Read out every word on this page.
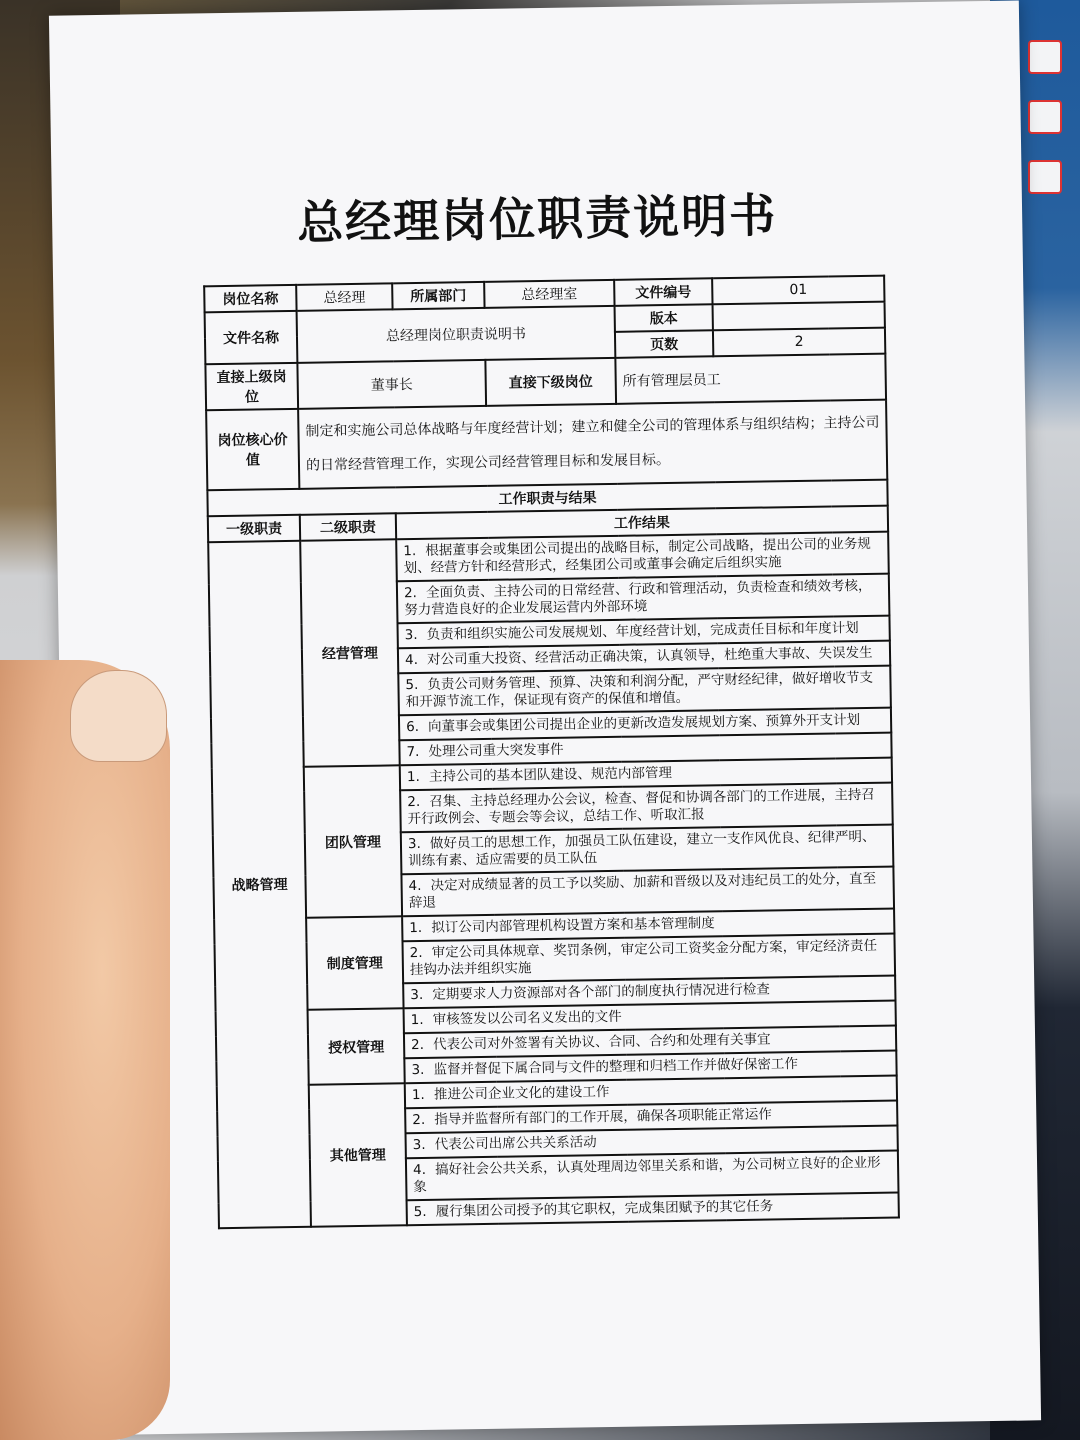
总经理岗位职责说明书
岗位名称	总经理	所属部门	总经理室	文件编号	01
文件名称	总经理岗位职责说明书			版本	
				页数	2
直接上级岗位	董事长		直接下级岗位	所有管理层员工	
岗位核心价值	制定和实施公司总体战略与年度经营计划；建立和健全公司的管理体系与组织结构；主持公司的日常经营管理工作，实现公司经营管理目标和发展目标。				
工作职责与结果					
一级职责	二级职责	工作结果			
战略管理	经营管理	1. 根据董事会或集团公司提出的战略目标，制定公司战略，提出公司的业务规划、经营方针和经营形式，经集团公司或董事会确定后组织实施			
		2. 全面负责、主持公司的日常经营、行政和管理活动，负责检查和绩效考核，努力营造良好的企业发展运营内外部环境			
		3. 负责和组织实施公司发展规划、年度经营计划，完成责任目标和年度计划			
		4. 对公司重大投资、经营活动正确决策，认真领导，杜绝重大事故、失误发生			
		5. 负责公司财务管理、预算、决策和利润分配，严守财经纪律，做好增收节支和开源节流工作，保证现有资产的保值和增值。			
		6. 向董事会或集团公司提出企业的更新改造发展规划方案、预算外开支计划			
		7. 处理公司重大突发事件			
	团队管理	1. 主持公司的基本团队建设、规范内部管理			
		2. 召集、主持总经理办公会议，检查、督促和协调各部门的工作进展，主持召开行政例会、专题会等会议，总结工作、听取汇报			
		3. 做好员工的思想工作，加强员工队伍建设，建立一支作风优良、纪律严明、训练有素、适应需要的员工队伍			
		4. 决定对成绩显著的员工予以奖励、加薪和晋级以及对违纪员工的处分，直至辞退			
	制度管理	1. 拟订公司内部管理机构设置方案和基本管理制度			
		2. 审定公司具体规章、奖罚条例，审定公司工资奖金分配方案，审定经济责任挂钩办法并组织实施			
		3. 定期要求人力资源部对各个部门的制度执行情况进行检查			
	授权管理	1. 审核签发以公司名义发出的文件			
		2. 代表公司对外签署有关协议、合同、合约和处理有关事宜			
		3. 监督并督促下属合同与文件的整理和归档工作并做好保密工作			
	其他管理	1. 推进公司企业文化的建设工作			
		2. 指导并监督所有部门的工作开展，确保各项职能正常运作			
		3. 代表公司出席公共关系活动			
		4. 搞好社会公共关系，认真处理周边邻里关系和谐，为公司树立良好的企业形象			
		5. 履行集团公司授予的其它职权，完成集团赋予的其它任务			
